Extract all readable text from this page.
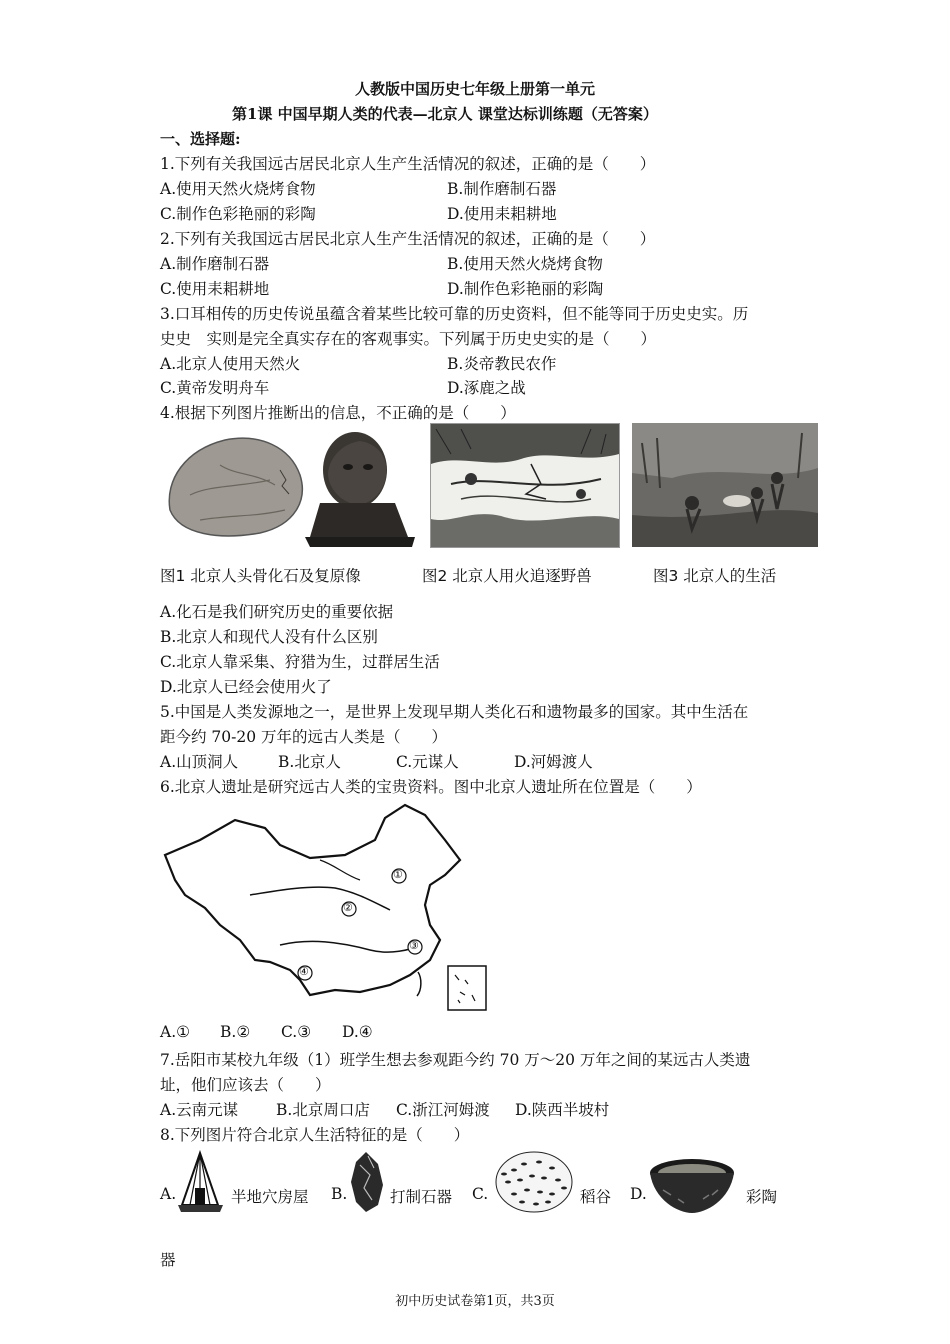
人教版中国历史七年级上册第一单元
第1课 中国早期人类的代表—北京人 课堂达标训练题（无答案）
一、选择题:
1.下列有关我国远古居民北京人生产生活情况的叙述，正确的是（　　）
A.使用天然火烧烤食物	B.制作磨制石器
C.制作色彩艳丽的彩陶	D.使用耒耜耕地
2.下列有关我国远古居民北京人生产生活情况的叙述，正确的是（　　）
A.制作磨制石器	B.使用天然火烧烤食物
C.使用耒耜耕地	D.制作色彩艳丽的彩陶
3.口耳相传的历史传说虽蕴含着某些比较可靠的历史资料，但不能等同于历史史实。历
史史　实则是完全真实存在的客观事实。下列属于历史史实的是（　　）
A.北京人使用天然火	B.炎帝教民农作
C.黄帝发明舟车	D.涿鹿之战
4.根据下列图片推断出的信息，不正确的是（　　）
图1 北京人头骨化石及复原像	图2 北京人用火追逐野兽	图3 北京人的生活
A.化石是我们研究历史的重要依据
B.北京人和现代人没有什么区别
C.北京人靠采集、狩猎为生，过群居生活
D.北京人已经会使用火了
5.中国是人类发源地之一，是世界上发现早期人类化石和遗物最多的国家。其中生活在
距今约 70-20 万年的远古人类是（　　）
A.山顶洞人	B.北京人	C.元谋人	D.河姆渡人
6.北京人遗址是研究远古人类的宝贵资料。图中北京人遗址所在位置是（　　）
①
②
③
④
A.① B.② C.③ D.④
7.岳阳市某校九年级（1）班学生想去参观距今约 70 万～20 万年之间的某远古人类遗
址，他们应该去（　　）
A.云南元谋 B.北京周口店 C.浙江河姆渡 D.陕西半坡村
8.下列图片符合北京人生活特征的是（　　）
A.	半地穴房屋 B.	打制石器 C.	稻谷 D.	彩陶
器
初中历史试卷第1页，共3页
